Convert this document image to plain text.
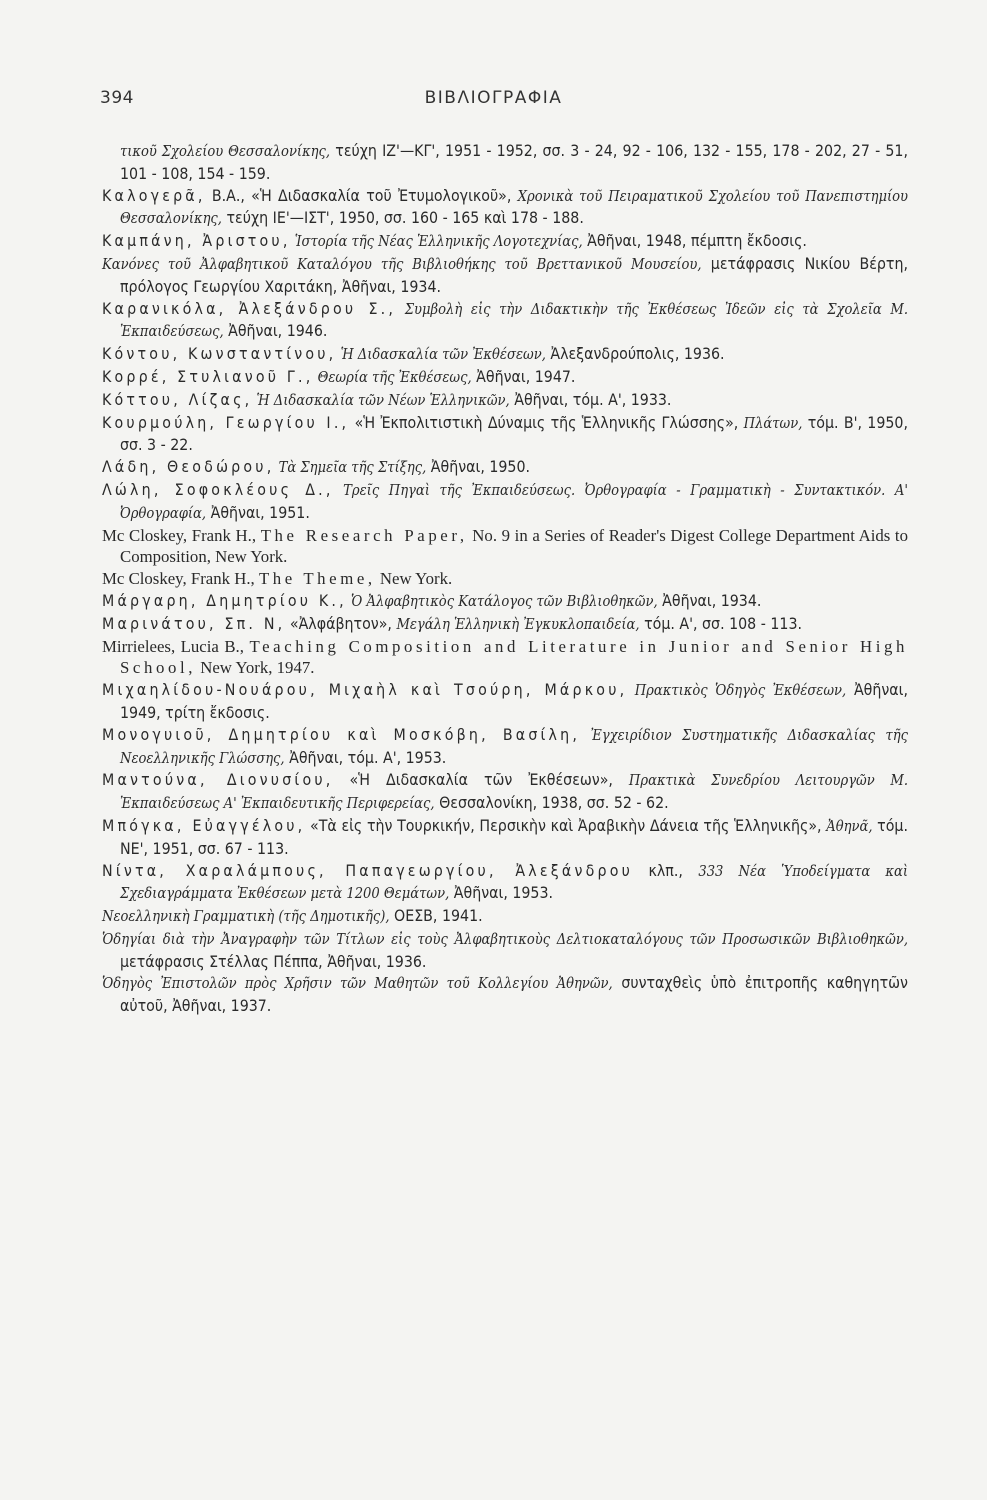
394	ΒΙΒΛΙΟΓΡΑΦΙΑ

τικοῦ Σχολείου Θεσσαλονίκης, τεύχη ΙΖ'—ΚΓ', 1951 - 1952, σσ. 3 - 24, 92 - 106, 132 - 155, 178 - 202, 27 - 51, 101 - 108, 154 - 159.

Καλογερᾶ, Β.Α., «Ἡ Διδασκαλία τοῦ Ἐτυμολογικοῦ», Χρονικὰ τοῦ Πειραματικοῦ Σχολείου τοῦ Πανεπιστημίου Θεσσαλονίκης, τεύχη ΙΕ'—ΙΣΤ', 1950, σσ. 160 - 165 καὶ 178 - 188.

Καμπάνη, Ἀριστου, Ἱστορία τῆς Νέας Ἑλληνικῆς Λογοτεχνίας, Ἀθῆναι, 1948, πέμπτη ἔκδοσις.

Κανόνες τοῦ Ἀλφαβητικοῦ Καταλόγου τῆς Βιβλιοθήκης τοῦ Βρεττανικοῦ Μουσείου, μετάφρασις Νικίου Βέρτη, πρόλογος Γεωργίου Χαριτάκη, Ἀθῆναι, 1934.

Καρανικόλα, Ἀλεξάνδρου Σ., Συμβολὴ εἰς τὴν Διδακτικὴν τῆς Ἐκθέσεως Ἰδεῶν εἰς τὰ Σχολεῖα Μ. Ἐκπαιδεύσεως, Ἀθῆναι, 1946.

Κόντου, Κωνσταντίνου, Ἡ Διδασκαλία τῶν Ἐκθέσεων, Ἀλεξανδρούπολις, 1936.

Κορρέ, Στυλιανοῦ Γ., Θεωρία τῆς Ἐκθέσεως, Ἀθῆναι, 1947.

Κόττου, Λίζας, Ἡ Διδασκαλία τῶν Νέων Ἑλληνικῶν, Ἀθῆναι, τόμ. Α', 1933.

Κουρμούλη, Γεωργίου Ι., «Ἡ Ἐκπολιτιστικὴ Δύναμις τῆς Ἑλληνικῆς Γλώσσης», Πλάτων, τόμ. Β', 1950, σσ. 3 - 22.

Λάδη, Θεοδώρου, Τὰ Σημεῖα τῆς Στίξης, Ἀθῆναι, 1950.

Λώλη, Σοφοκλέους Δ., Τρεῖς Πηγαὶ τῆς Ἐκπαιδεύσεως. Ὀρθογραφία - Γραμματικὴ - Συντακτικόν. Α' Ὀρθογραφία, Ἀθῆναι, 1951.

Mc Closkey, Frank H., The Research Paper, No. 9 in a Series of Reader's Digest College Department Aids to Composition, New York.

Mc Closkey, Frank H., The Theme, New York.

Μάργαρη, Δημητρίου Κ., Ὁ Ἀλφαβητικὸς Κατάλογος τῶν Βιβλιοθηκῶν, Ἀθῆναι, 1934.

Μαρινάτου, Σπ. Ν, «Ἀλφάβητον», Μεγάλη Ἑλληνικὴ Ἐγκυκλοπαιδεία, τόμ. Α', σσ. 108 - 113.

Mirrielees, Lucia B., Teaching Composition and Literature in Junior and Senior High School, New York, 1947.

Μιχαηλίδου-Νουάρου, Μιχαὴλ καὶ Τσούρη, Μάρκου, Πρακτικὸς Ὁδηγὸς Ἐκθέσεων, Ἀθῆναι, 1949, τρίτη ἔκδοσις.

Μονογυιοῦ, Δημητρίου καὶ Μοσκόβη, Βασίλη, Ἐγχειρίδιον Συστηματικῆς Διδασκαλίας τῆς Νεοελληνικῆς Γλώσσης, Ἀθῆναι, τόμ. Α', 1953.

Μαντούνα, Διονυσίου, «Ἡ Διδασκαλία τῶν Ἐκθέσεων», Πρακτικὰ Συνεδρίου Λειτουργῶν Μ. Ἐκπαιδεύσεως Α' Ἐκπαιδευτικῆς Περιφερείας, Θεσσαλονίκη, 1938, σσ. 52 - 62.

Μπόγκα, Εὐαγγέλου, «Τὰ εἰς τὴν Τουρκικήν, Περσικὴν καὶ Ἀραβικὴν Δάνεια τῆς Ἑλληνικῆς», Ἀθηνᾶ, τόμ. ΝΕ', 1951, σσ. 67 - 113.

Νίντα, Χαραλάμπους, Παπαγεωργίου, Ἀλεξάνδρου κλπ., 333 Νέα Ὑποδείγματα καὶ Σχεδιαγράμματα Ἐκθέσεων μετὰ 1200 Θεμάτων, Ἀθῆναι, 1953.

Νεοελληνικὴ Γραμματικὴ (τῆς Δημοτικῆς), ΟΕΣΒ, 1941.

Ὁδηγίαι διὰ τὴν Ἀναγραφὴν τῶν Τίτλων εἰς τοὺς Ἀλφαβητικοὺς Δελτιοκαταλόγους τῶν Προσωσικῶν Βιβλιοθηκῶν, μετάφρασις Στέλλας Πέππα, Ἀθῆναι, 1936.

Ὁδηγὸς Ἐπιστολῶν πρὸς Χρῆσιν τῶν Μαθητῶν τοῦ Κολλεγίου Ἀθηνῶν, συνταχθεὶς ὑπὸ ἐπιτροπῆς καθηγητῶν αὐτοῦ, Ἀθῆναι, 1937.
